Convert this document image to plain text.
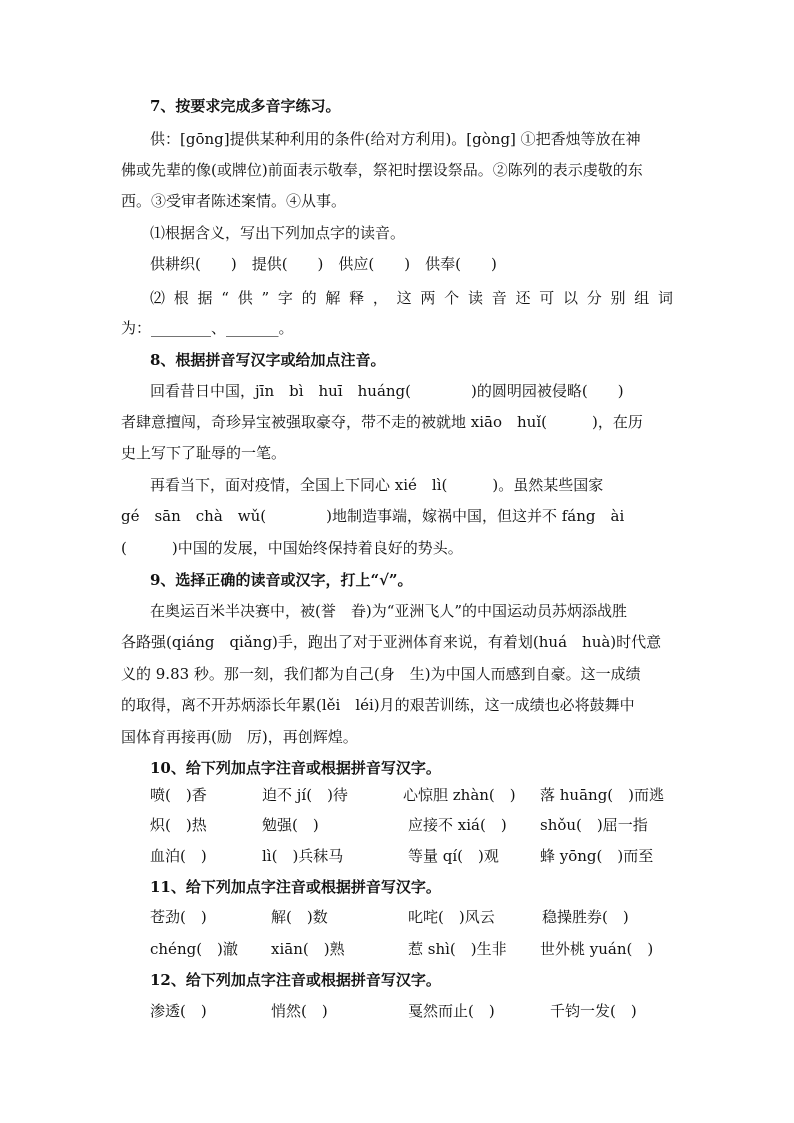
7、按要求完成多音字练习。
供：[gōng]提供某种利用的条件(给对方利用)。[gòng] ①把香烛等放在神
佛或先辈的像(或牌位)前面表示敬奉，祭祀时摆设祭品。②陈列的表示虔敬的东
西。③受审者陈述案情。④从事。
⑴根据含义，写出下列加点字的读音。
供耕织(　　)　提供(　　)　供应(　　)　供奉(　　)
⑵根据“供”字的解释，这两个读音还可以分别组词
为：________、_______。
8、根据拼音写汉字或给加点注音。
回看昔日中国，jīn　bì　huī　huáng(　　　　)的圆明园被侵略(　　)
者肆意擅闯，奇珍异宝被强取豪夺，带不走的被就地 xiāo　huǐ(　　　)，在历
史上写下了耻辱的一笔。
再看当下，面对疫情，全国上下同心 xié　lì(　　　)。虽然某些国家
gé　sān　chà　wǔ(　　　　)地制造事端，嫁祸中国，但这并不 fáng　ài
(　　　)中国的发展，中国始终保持着良好的势头。
9、选择正确的读音或汉字，打上“√”。
在奥运百米半决赛中，被(誉　眷)为“亚洲飞人”的中国运动员苏炳添战胜
各路强(qiáng　qiǎng)手，跑出了对于亚洲体育来说，有着划(huá　huà)时代意
义的 9.83 秒。那一刻，我们都为自己(身　生)为中国人而感到自豪。这一成绩
的取得，离不开苏炳添长年累(lěi　léi)月的艰苦训练，这一成绩也必将鼓舞中
国体育再接再(励　厉)，再创辉煌。
10、给下列加点字注音或根据拼音写汉字。
喷(　)香	迫不 jí(　)待	心惊胆 zhàn(　) 落 huāng(　)而逃
炽(　)热	勉强(　)	应接不 xiá(　) shǒu(　)屈一指
血泊(　)	lì(　)兵秣马	等量 qí(　)观	蜂 yōng(　)而至
11、给下列加点字注音或根据拼音写汉字。
苍劲(　)	解(　)数	叱咤(　)风云	稳操胜券(　)
chéng(　)澈 xiān(　)熟	惹 shì(　)生非 世外桃 yuán(　)
12、给下列加点字注音或根据拼音写汉字。
渗透(　)	悄然(　)	戛然而止(　)	千钧一发(　)
